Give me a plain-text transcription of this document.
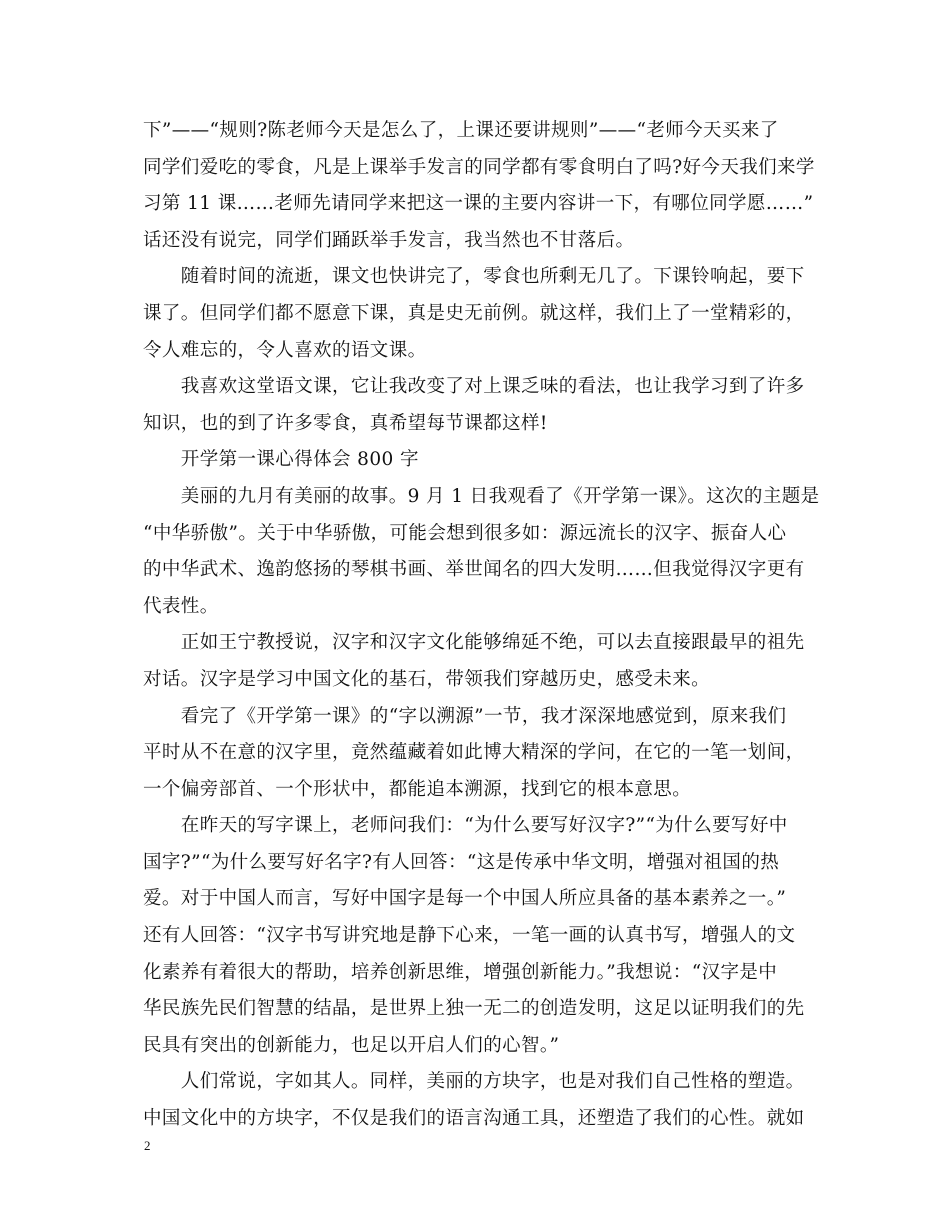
下”——“规则?陈老师今天是怎么了，上课还要讲规则”——“老师今天买来了
同学们爱吃的零食，凡是上课举手发言的同学都有零食明白了吗?好今天我们来学
习第 11 课……老师先请同学来把这一课的主要内容讲一下，有哪位同学愿……”
话还没有说完，同学们踊跃举手发言，我当然也不甘落后。
　　随着时间的流逝，课文也快讲完了，零食也所剩无几了。下课铃响起，要下
课了。但同学们都不愿意下课，真是史无前例。就这样，我们上了一堂精彩的，
令人难忘的，令人喜欢的语文课。
　　我喜欢这堂语文课，它让我改变了对上课乏味的看法，也让我学习到了许多
知识，也的到了许多零食，真希望每节课都这样!
　　开学第一课心得体会 800 字
　　美丽的九月有美丽的故事。9 月 1 日我观看了《开学第一课》。这次的主题是
“中华骄傲”。关于中华骄傲，可能会想到很多如：源远流长的汉字、振奋人心
的中华武术、逸韵悠扬的琴棋书画、举世闻名的四大发明……但我觉得汉字更有
代表性。
　　正如王宁教授说，汉字和汉字文化能够绵延不绝，可以去直接跟最早的祖先
对话。汉字是学习中国文化的基石，带领我们穿越历史，感受未来。
　　看完了《开学第一课》的“字以溯源”一节，我才深深地感觉到，原来我们
平时从不在意的汉字里，竟然蕴藏着如此博大精深的学问，在它的一笔一划间，
一个偏旁部首、一个形状中，都能追本溯源，找到它的根本意思。
　　在昨天的写字课上，老师问我们：“为什么要写好汉字?”“为什么要写好中
国字?”“为什么要写好名字?有人回答：“这是传承中华文明，增强对祖国的热
爱。对于中国人而言，写好中国字是每一个中国人所应具备的基本素养之一。”
还有人回答：“汉字书写讲究地是静下心来，一笔一画的认真书写，增强人的文
化素养有着很大的帮助，培养创新思维，增强创新能力。”我想说：“汉字是中
华民族先民们智慧的结晶，是世界上独一无二的创造发明，这足以证明我们的先
民具有突出的创新能力，也足以开启人们的心智。”
　　人们常说，字如其人。同样，美丽的方块字，也是对我们自己性格的塑造。
中国文化中的方块字，不仅是我们的语言沟通工具，还塑造了我们的心性。就如
2
